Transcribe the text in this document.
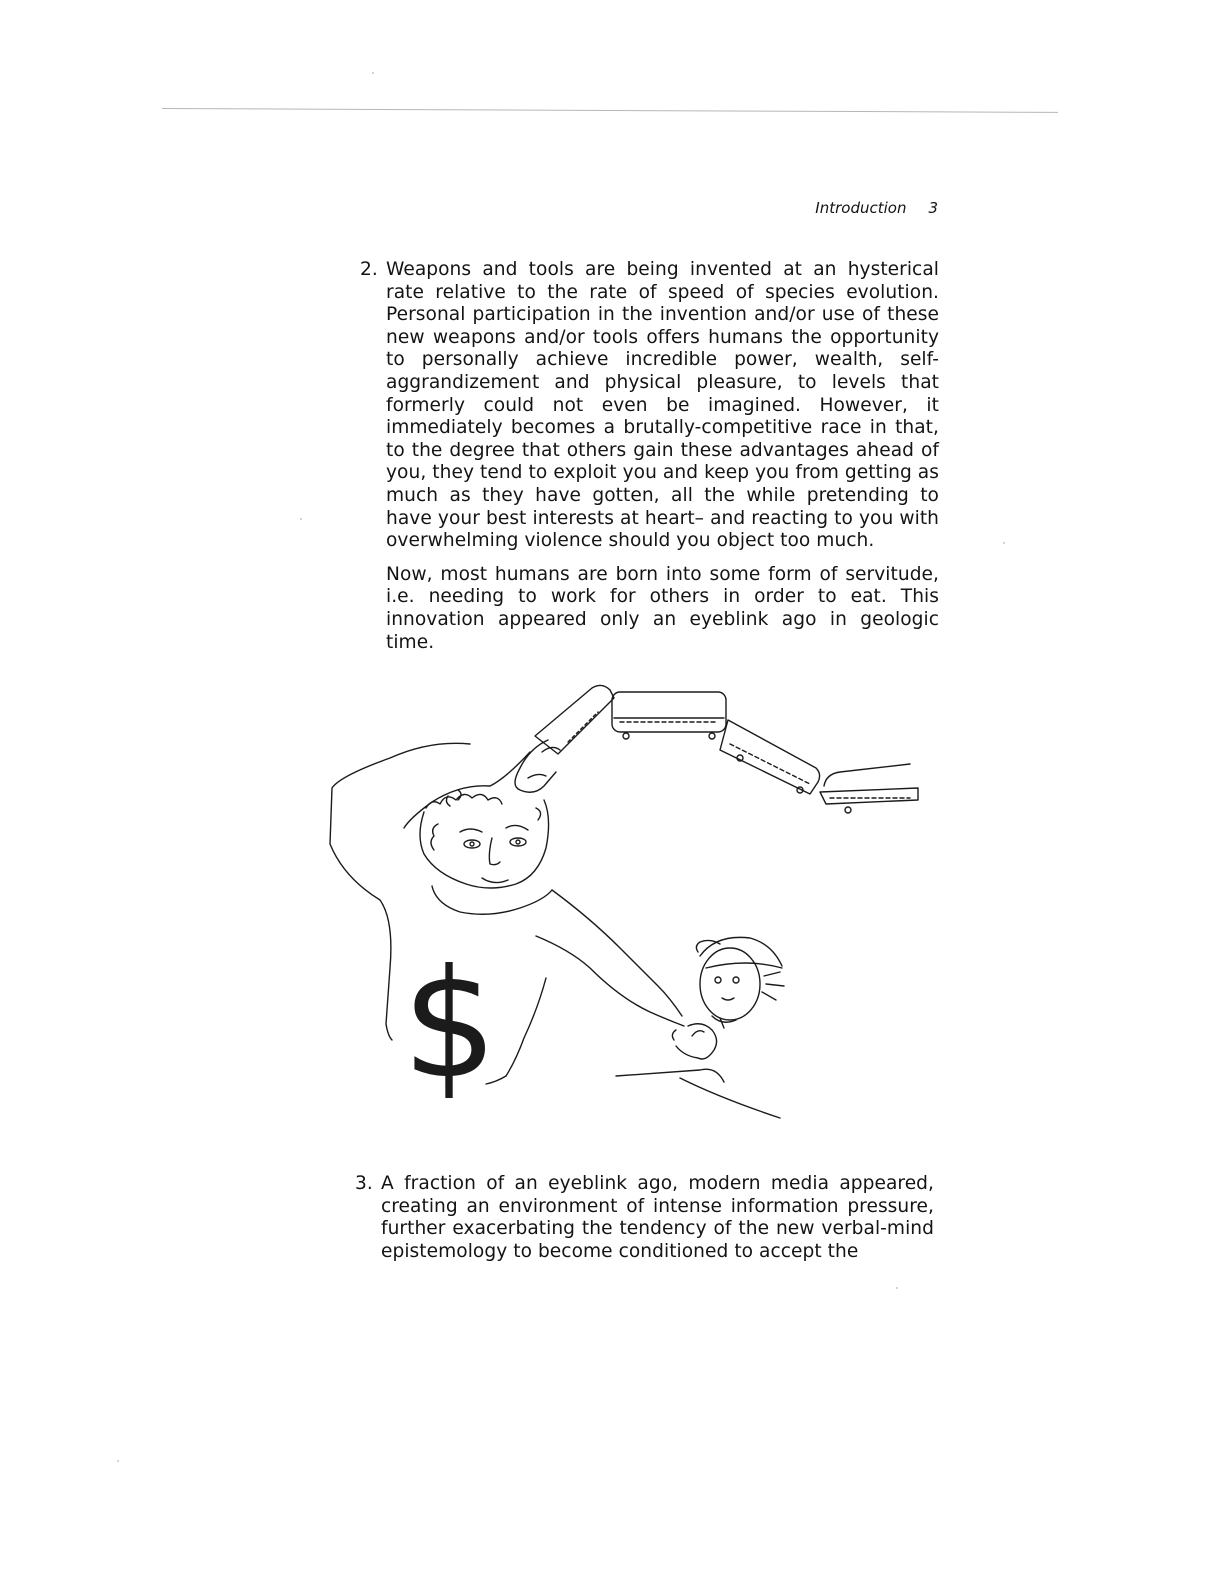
Introduction 3
2. Weapons and tools are being invented at an hysterical rate relative to the rate of speed of species evolution. Personal participation in the invention and/or use of these new weapons and/or tools offers humans the opportunity to personally achieve incredible power, wealth, self-aggrandizement and physical pleasure, to levels that formerly could not even be imagined. However, it immediately becomes a brutally-competitive race in that, to the degree that others gain these advantages ahead of you, they tend to exploit you and keep you from getting as much as they have gotten, all the while pretending to have your best interests at heart– and reacting to you with overwhelming violence should you object too much.

Now, most humans are born into some form of servitude, i.e. needing to work for others in order to eat. This innovation appeared only an eyeblink ago in geologic time.

$
3. A fraction of an eyeblink ago, modern media appeared, creating an environment of intense information pressure, further exacerbating the tendency of the new verbal-mind epistemology to become conditioned to accept the
